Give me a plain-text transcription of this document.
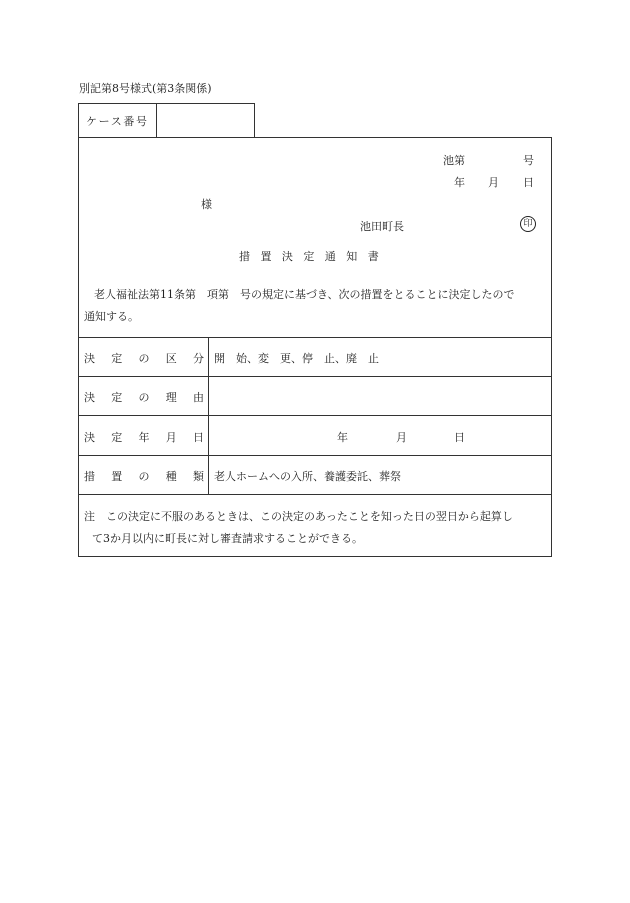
別記第8号様式(第3条関係)
ケース番号
池第	号
年 月 日
様
池田町長	印
措置決定通知書
老人福祉法第11条第　項第　号の規定に基づき、次の措置をとることに決定したので
通知する。
決 定 の 区 分 開　始、変　更、停　止、廃　止
決 定 の 理 由
決 定 年 月 日	年	月	日
措 置 の 種 類 老人ホームへの入所、養護委託、葬祭
注　この決定に不服のあるときは、この決定のあったことを知った日の翌日から起算し
て3か月以内に町長に対し審査請求することができる。
